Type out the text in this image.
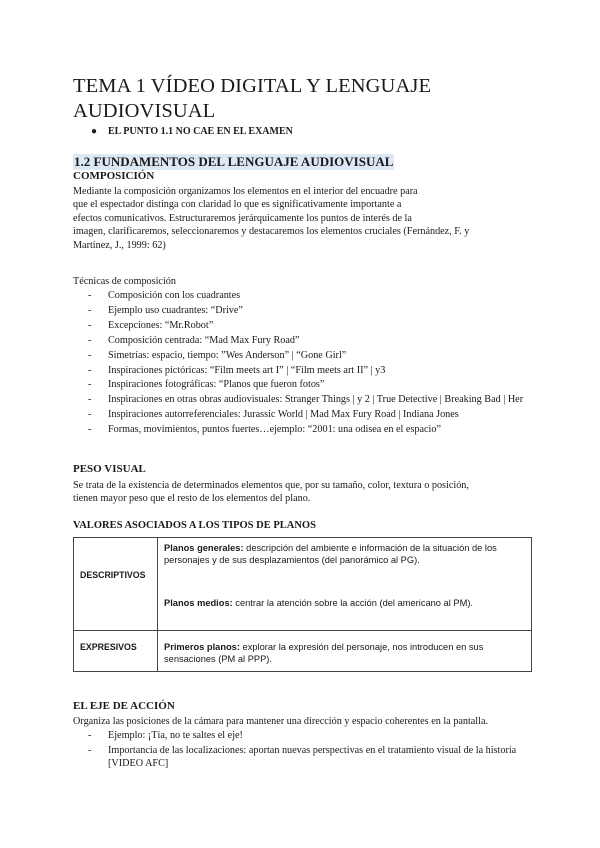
TEMA 1 VÍDEO DIGITAL Y LENGUAJE
AUDIOVISUAL
● EL PUNTO 1.1 NO CAE EN EL EXAMEN
1.2 FUNDAMENTOS DEL LENGUAJE AUDIOVISUAL
COMPOSICIÓN
Mediante la composición organizamos los elementos en el interior del encuadre para
que el espectador distinga con claridad lo que es significativamente importante a
efectos comunicativos. Estructuraremos jerárquicamente los puntos de interés de la
imagen, clarificaremos, seleccionaremos y destacaremos los elementos cruciales (Fernández, F. y
Martínez, J., 1999: 62)
Técnicas de composición
- Composición con los cuadrantes
- Ejemplo uso cuadrantes: “Drive”
- Excepciones: “Mr.Robot”
- Composición centrada: “Mad Max Fury Road”
- Simetrías: espacio, tiempo: ”Wes Anderson” | “Gone Girl”
- Inspiraciones pictóricas: “Film meets art I” | “Film meets art II” | y3
- Inspiraciones fotográficas: “Planos que fueron fotos”
- Inspiraciones en otras obras audiovisuales: Stranger Things | y 2 | True Detective | Breaking Bad | Her
- Inspiraciones autorreferenciales: Jurassic World | Mad Max Fury Road | Indiana Jones
- Formas, movimientos, puntos fuertes…ejemplo: “2001: una odisea en el espacio”
PESO VISUAL
Se trata de la existencia de determinados elementos que, por su tamaño, color, textura o posición,
tienen mayor peso que el resto de los elementos del plano.
VALORES ASOCIADOS A LOS TIPOS DE PLANOS
DESCRIPTIVOS
Planos generales: descripción del ambiente e información de la situación de los personajes y de sus desplazamientos (del panorámico al PG).
Planos medios: centrar la atención sobre la acción (del americano al PM).
EXPRESIVOS	Primeros planos: explorar la expresión del personaje, nos introducen en sus sensaciones (PM al PPP).
EL EJE DE ACCIÓN
Organiza las posiciones de la cámara para mantener una dirección y espacio coherentes en la pantalla.
- Ejemplo: ¡Tía, no te saltes el eje!
- Importancia de las localizaciones: aportan nuevas perspectivas en el tratamiento visual de la historia [VIDEO AFC]
